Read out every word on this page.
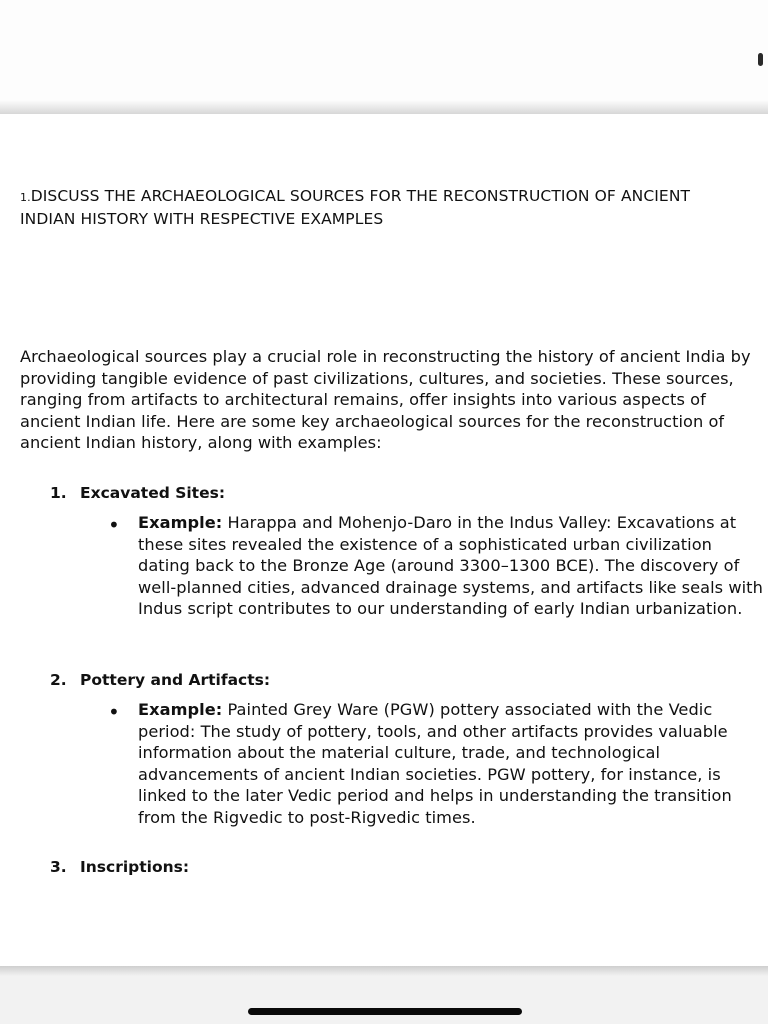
1.DISCUSS THE ARCHAEOLOGICAL SOURCES FOR THE RECONSTRUCTION OF ANCIENT INDIAN HISTORY WITH RESPECTIVE EXAMPLES
Archaeological sources play a crucial role in reconstructing the history of ancient India by providing tangible evidence of past civilizations, cultures, and societies. These sources, ranging from artifacts to architectural remains, offer insights into various aspects of ancient Indian life. Here are some key archaeological sources for the reconstruction of ancient Indian history, along with examples:
1. Excavated Sites:
• Example: Harappa and Mohenjo-Daro in the Indus Valley: Excavations at these sites revealed the existence of a sophisticated urban civilization dating back to the Bronze Age (around 3300–1300 BCE). The discovery of well-planned cities, advanced drainage systems, and artifacts like seals with Indus script contributes to our understanding of early Indian urbanization.
2. Pottery and Artifacts:
• Example: Painted Grey Ware (PGW) pottery associated with the Vedic period: The study of pottery, tools, and other artifacts provides valuable information about the material culture, trade, and technological advancements of ancient Indian societies. PGW pottery, for instance, is linked to the later Vedic period and helps in understanding the transition from the Rigvedic to post-Rigvedic times.
3. Inscriptions:
